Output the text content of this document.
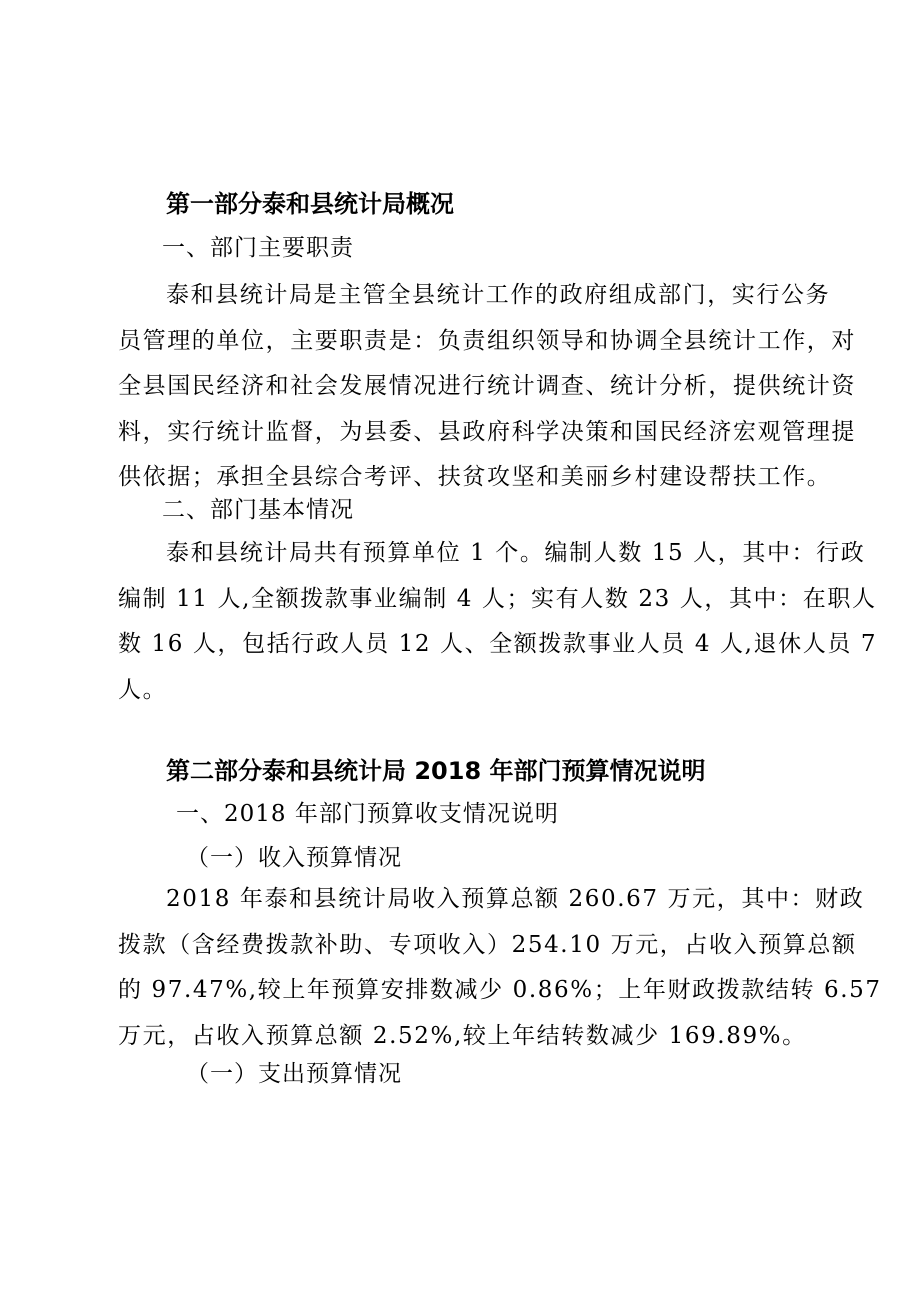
第一部分泰和县统计局概况
一、部门主要职责
泰和县统计局是主管全县统计工作的政府组成部门，实行公务
员管理的单位，主要职责是：负责组织领导和协调全县统计工作，对
全县国民经济和社会发展情况进行统计调查、统计分析，提供统计资
料，实行统计监督，为县委、县政府科学决策和国民经济宏观管理提
供依据；承担全县综合考评、扶贫攻坚和美丽乡村建设帮扶工作。
二、部门基本情况
泰和县统计局共有预算单位 1 个。编制人数 15 人，其中：行政
编制 11 人,全额拨款事业编制 4 人；实有人数 23 人，其中：在职人
数 16 人，包括行政人员 12 人、全额拨款事业人员 4 人,退休人员 7
人。
第二部分泰和县统计局 2018 年部门预算情况说明
一、2018 年部门预算收支情况说明
（一）收入预算情况
2018 年泰和县统计局收入预算总额 260.67 万元，其中：财政
拨款（含经费拨款补助、专项收入）254.10 万元，占收入预算总额
的 97.47%,较上年预算安排数减少 0.86%；上年财政拨款结转 6.57
万元，占收入预算总额 2.52%,较上年结转数减少 169.89%。
（一）支出预算情况
